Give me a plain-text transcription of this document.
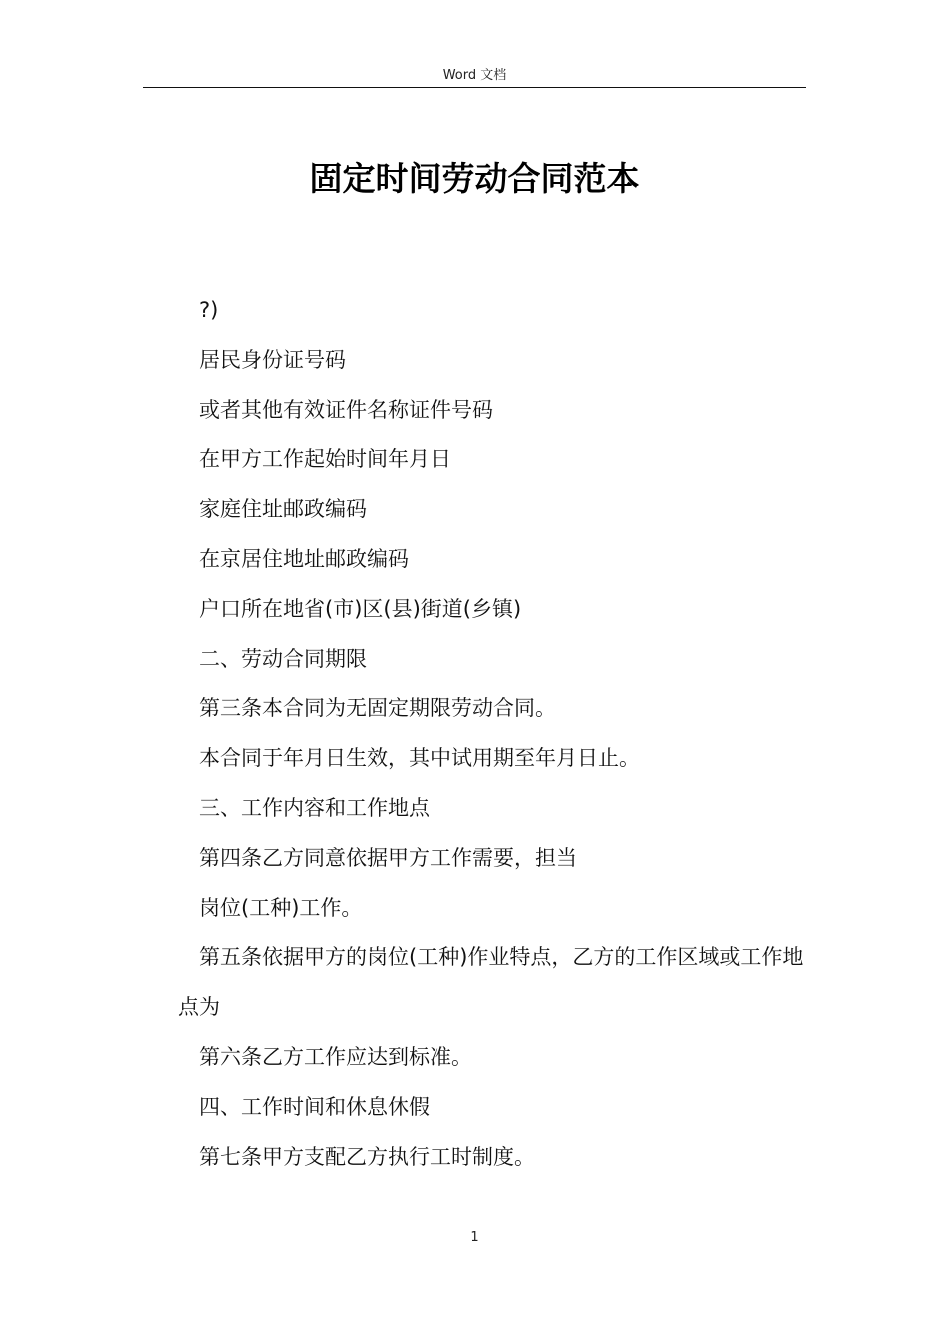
Word 文档
固定时间劳动合同范本

?)

居民身份证号码

或者其他有效证件名称证件号码

在甲方工作起始时间年月日

家庭住址邮政编码

在京居住地址邮政编码

户口所在地省(市)区(县)街道(乡镇)

二、劳动合同期限

第三条本合同为无固定期限劳动合同。

本合同于年月日生效，其中试用期至年月日止。

三、工作内容和工作地点

第四条乙方同意依据甲方工作需要，担当

岗位(工种)工作。

第五条依据甲方的岗位(工种)作业特点，乙方的工作区域或工作地点为

第六条乙方工作应达到标准。

四、工作时间和休息休假

第七条甲方支配乙方执行工时制度。

1
